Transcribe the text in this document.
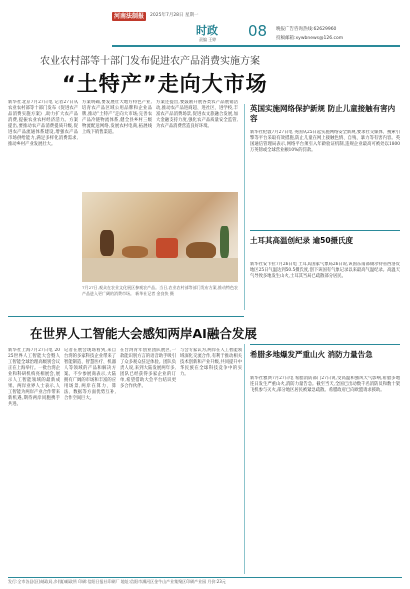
河南法制报	2025年7月28日 星期一
时政
责编 王婷 08 晚报广告咨询热线:62629960
投稿邮箱:xywbnews@126.com
农业农村部等十部门发布促进农产品消费实施方案
“土特产”走向大市场
新华社北京7月27日电 记者27日从农业农村部等十部门发布《促进农产品消费实施方案》,助力扩大农产品消费,提振农业农村经济活力。方案提出,要推动农产品消费提质升级,促进农产品流通体系建设,增强农产品市场供给能力,满足多样化消费需求,推动乡村产业发展壮大。
方案明确,要发展壮大地方特色产业,培育农产品区域公用品牌和企业品牌,推动“土特产”走向大市场;完善农产品冷链物流体系,健全县乡村三级物流配送网络,发展农村电商,拓展线上线下销售渠道。
方案还提出,要鼓励开展各类农产品展销活动,推动农产品进商超、进社区、进学校,丰富农产品消费场景,促进农文旅融合发展,加大金融支持力度,强化农产品质量安全监管,为农产品消费营造良好环境。
7月27日,观众在农业文化展区参观农产品。当日,农业农村部等部门发布方案,推动特色农产品进入更广阔的消费市场。 新华社记者 金良快 摄
英国实施网络保护新规 防止儿童接触有害内容
新华社伦敦7月27日电 英国从25日起实施网络安全新规,要求社交媒体、搜索引擎等平台采取有效措施,防止儿童在网上接触色情、自残、暴力等有害内容。英国通信管理局表示,网络平台须引入年龄验证机制,违规企业最高可被处以1800万英镑或全球营业额10%的罚款。
土耳其高温创纪录 逾50摄氏度
新华社安卡拉7月26日电 土耳其国家气象局26日说,该国东南部锡尔特省西洛皮地区25日气温达到50.5摄氏度,创下该国有气象记录以来最高气温纪录。高温天气导致多地发生山火,土耳其当局已疏散部分居民。
在世界人工智能大会感知两岸AI融合发展
新华社上海7月27日电 2025世界人工智能大会暨人工智能全球治理高级别会议正在上海举行。一批台湾企业和科研机构亮相展会,展示人工智能领域的最新成果。两岸业界人士表示,人工智能为两岸产业合作带来新机遇,期待两岸同胞携手共进。
记者在展会现场看到,来自台湾的多家科技企业带来了智能制造、智慧医疗、机器人等领域的产品和解决方案。不少参展商表示,大陆拥有广阔的市场和丰富的应用场景,两岸在算力、算法、数据等方面优势互补,合作空间巨大。
在台湾青年创业团队展区,一款能识别方言的语音助手吸引了众多观众驻足体验。团队负责人说,来到大陆发展两年多,团队已经获得多家企业的订单,希望借助大会平台结识更多合作伙伴。
与会专家认为,两岸在人工智能领域深化交流合作,有利于推动相关技术创新和产业升级,共同提升中华民族在全球科技竞争中的实力。
希腊多地爆发严重山火 消防力量告急
新华社雅典7月27日电 希腊消防部门27日说,受高温和强风天气影响,希腊多地连日发生严重山火,消防力量告急。截至当天,全国已出动数千名消防员和数十架飞机参与灭火,部分地区居民被紧急疏散。希腊政府已向欧盟请求援助。
发行:全市各县(区)邮政局,乡(镇)邮政所 印刷:信阳日报社印刷厂 地址:信阳市浉河区金牛山产业集聚区印刷产业园 月价:23元
